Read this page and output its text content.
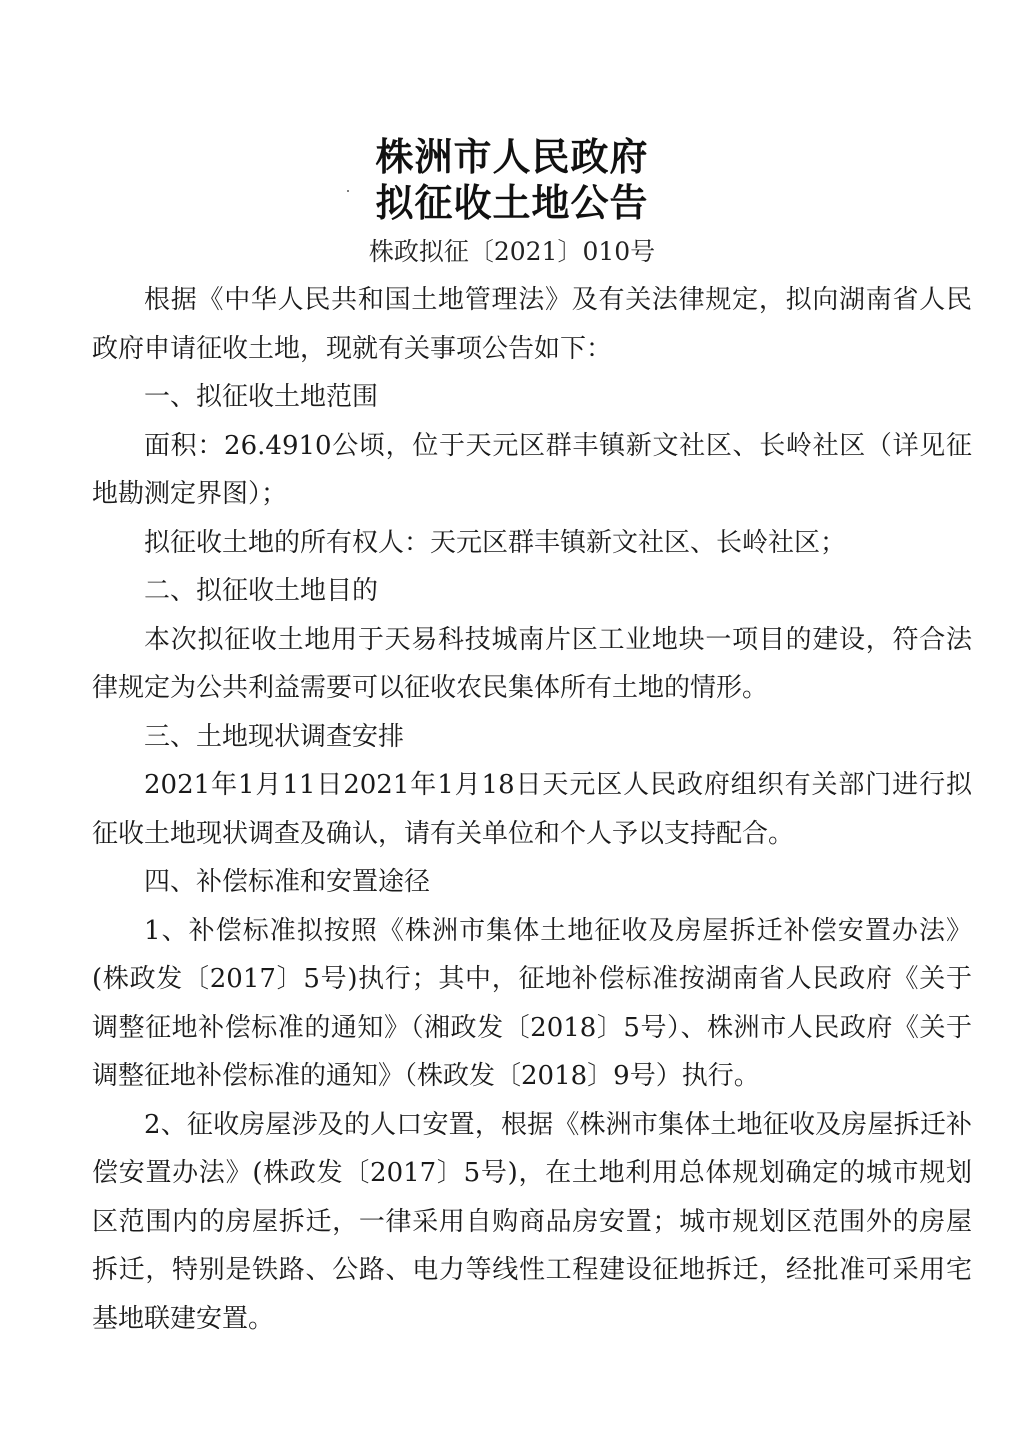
株洲市人民政府
拟征收土地公告
株政拟征〔2021〕010号

根据《中华人民共和国土地管理法》及有关法律规定，拟向湖南省人民政府申请征收土地，现就有关事项公告如下：

一、拟征收土地范围

面积：26.4910公顷，位于天元区群丰镇新文社区、长岭社区（详见征地勘测定界图）；

拟征收土地的所有权人：天元区群丰镇新文社区、长岭社区；

二、拟征收土地目的

本次拟征收土地用于天易科技城南片区工业地块一项目的建设，符合法律规定为公共利益需要可以征收农民集体所有土地的情形。

三、土地现状调查安排

2021年1月11日2021年1月18日天元区人民政府组织有关部门进行拟征收土地现状调查及确认，请有关单位和个人予以支持配合。

四、补偿标准和安置途径

1、补偿标准拟按照《株洲市集体土地征收及房屋拆迁补偿安置办法》(株政发〔2017〕5号)执行；其中，征地补偿标准按湖南省人民政府《关于调整征地补偿标准的通知》（湘政发〔2018〕5号）、株洲市人民政府《关于调整征地补偿标准的通知》（株政发〔2018〕9号）执行。

2、征收房屋涉及的人口安置，根据《株洲市集体土地征收及房屋拆迁补偿安置办法》(株政发〔2017〕5号)，在土地利用总体规划确定的城市规划区范围内的房屋拆迁，一律采用自购商品房安置；城市规划区范围外的房屋拆迁，特别是铁路、公路、电力等线性工程建设征地拆迁，经批准可采用宅基地联建安置。
